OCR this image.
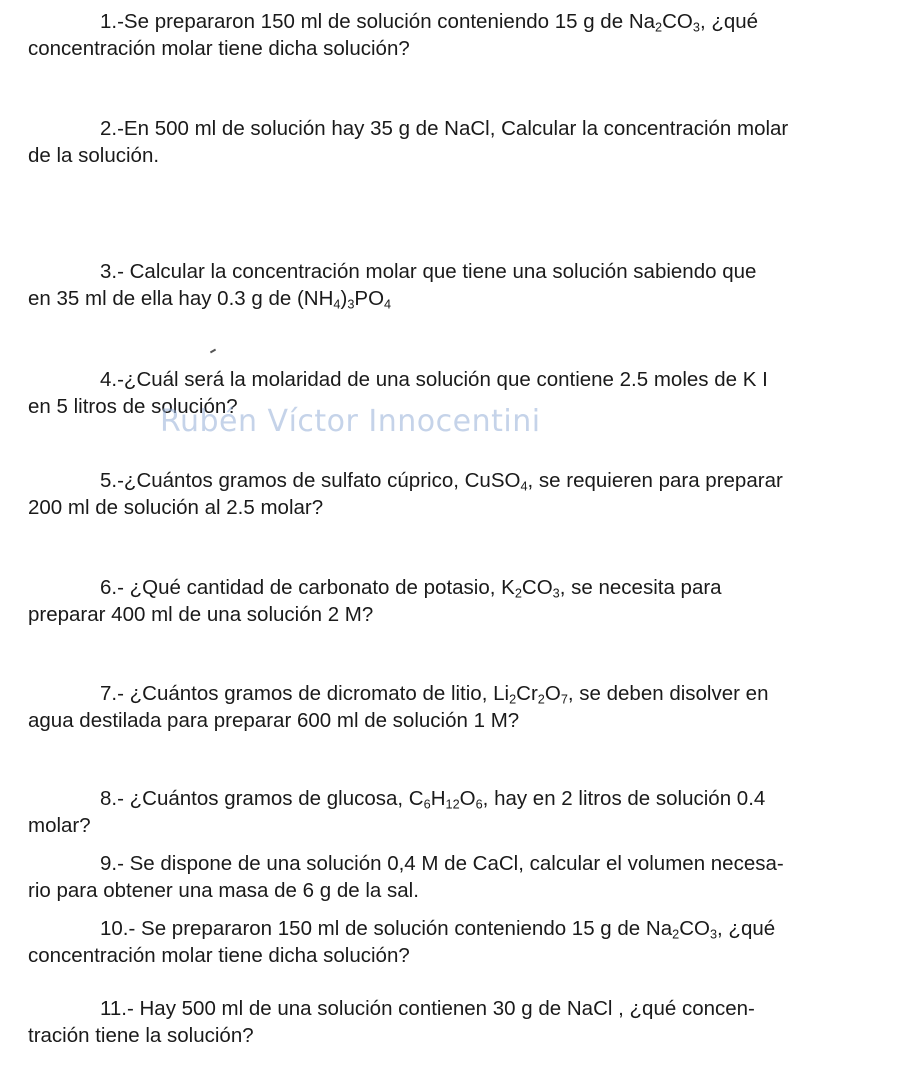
1.-Se prepararon 150 ml de solución conteniendo 15 g de $Na_2CO_3$, ¿qué
concentración molar tiene dicha solución?
2.-En 500 ml de solución hay 35 g de NaCl, Calcular la concentración molar
de la solución.
3.- Calcular la concentración molar que tiene una solución sabiendo que
en 35 ml de ella hay 0.3 g de $(NH_4)_3PO_4$
4.-¿Cuál será la molaridad de una solución que contiene 2.5 moles de K I
en 5 litros de solución?
Rubén Víctor Innocentini
5.-¿Cuántos gramos de sulfato cúprico, CuSO$_4$, se requieren para preparar
200 ml de solución al 2.5 molar?
6.- ¿Qué cantidad de carbonato de potasio, $K_2CO_3$, se necesita para
preparar 400 ml de una solución 2 M?
7.- ¿Cuántos gramos de dicromato de litio, $Li_2Cr_2O_7$, se deben disolver en
agua destilada para preparar 600 ml de solución 1 M?
8.- ¿Cuántos gramos de glucosa, $C_6H_{12}O_6$, hay en 2 litros de solución 0.4
molar?
9.- Se dispone de una solución 0,4 M de CaCl, calcular el volumen necesa-
rio para obtener una masa de 6 g de la sal.
10.- Se prepararon 150 ml de solución conteniendo 15 g de $Na_2CO_3$, ¿qué
concentración molar tiene dicha solución?
11.- Hay 500 ml de una solución contienen 30 g de NaCl , ¿qué concen-
tración tiene la solución?
